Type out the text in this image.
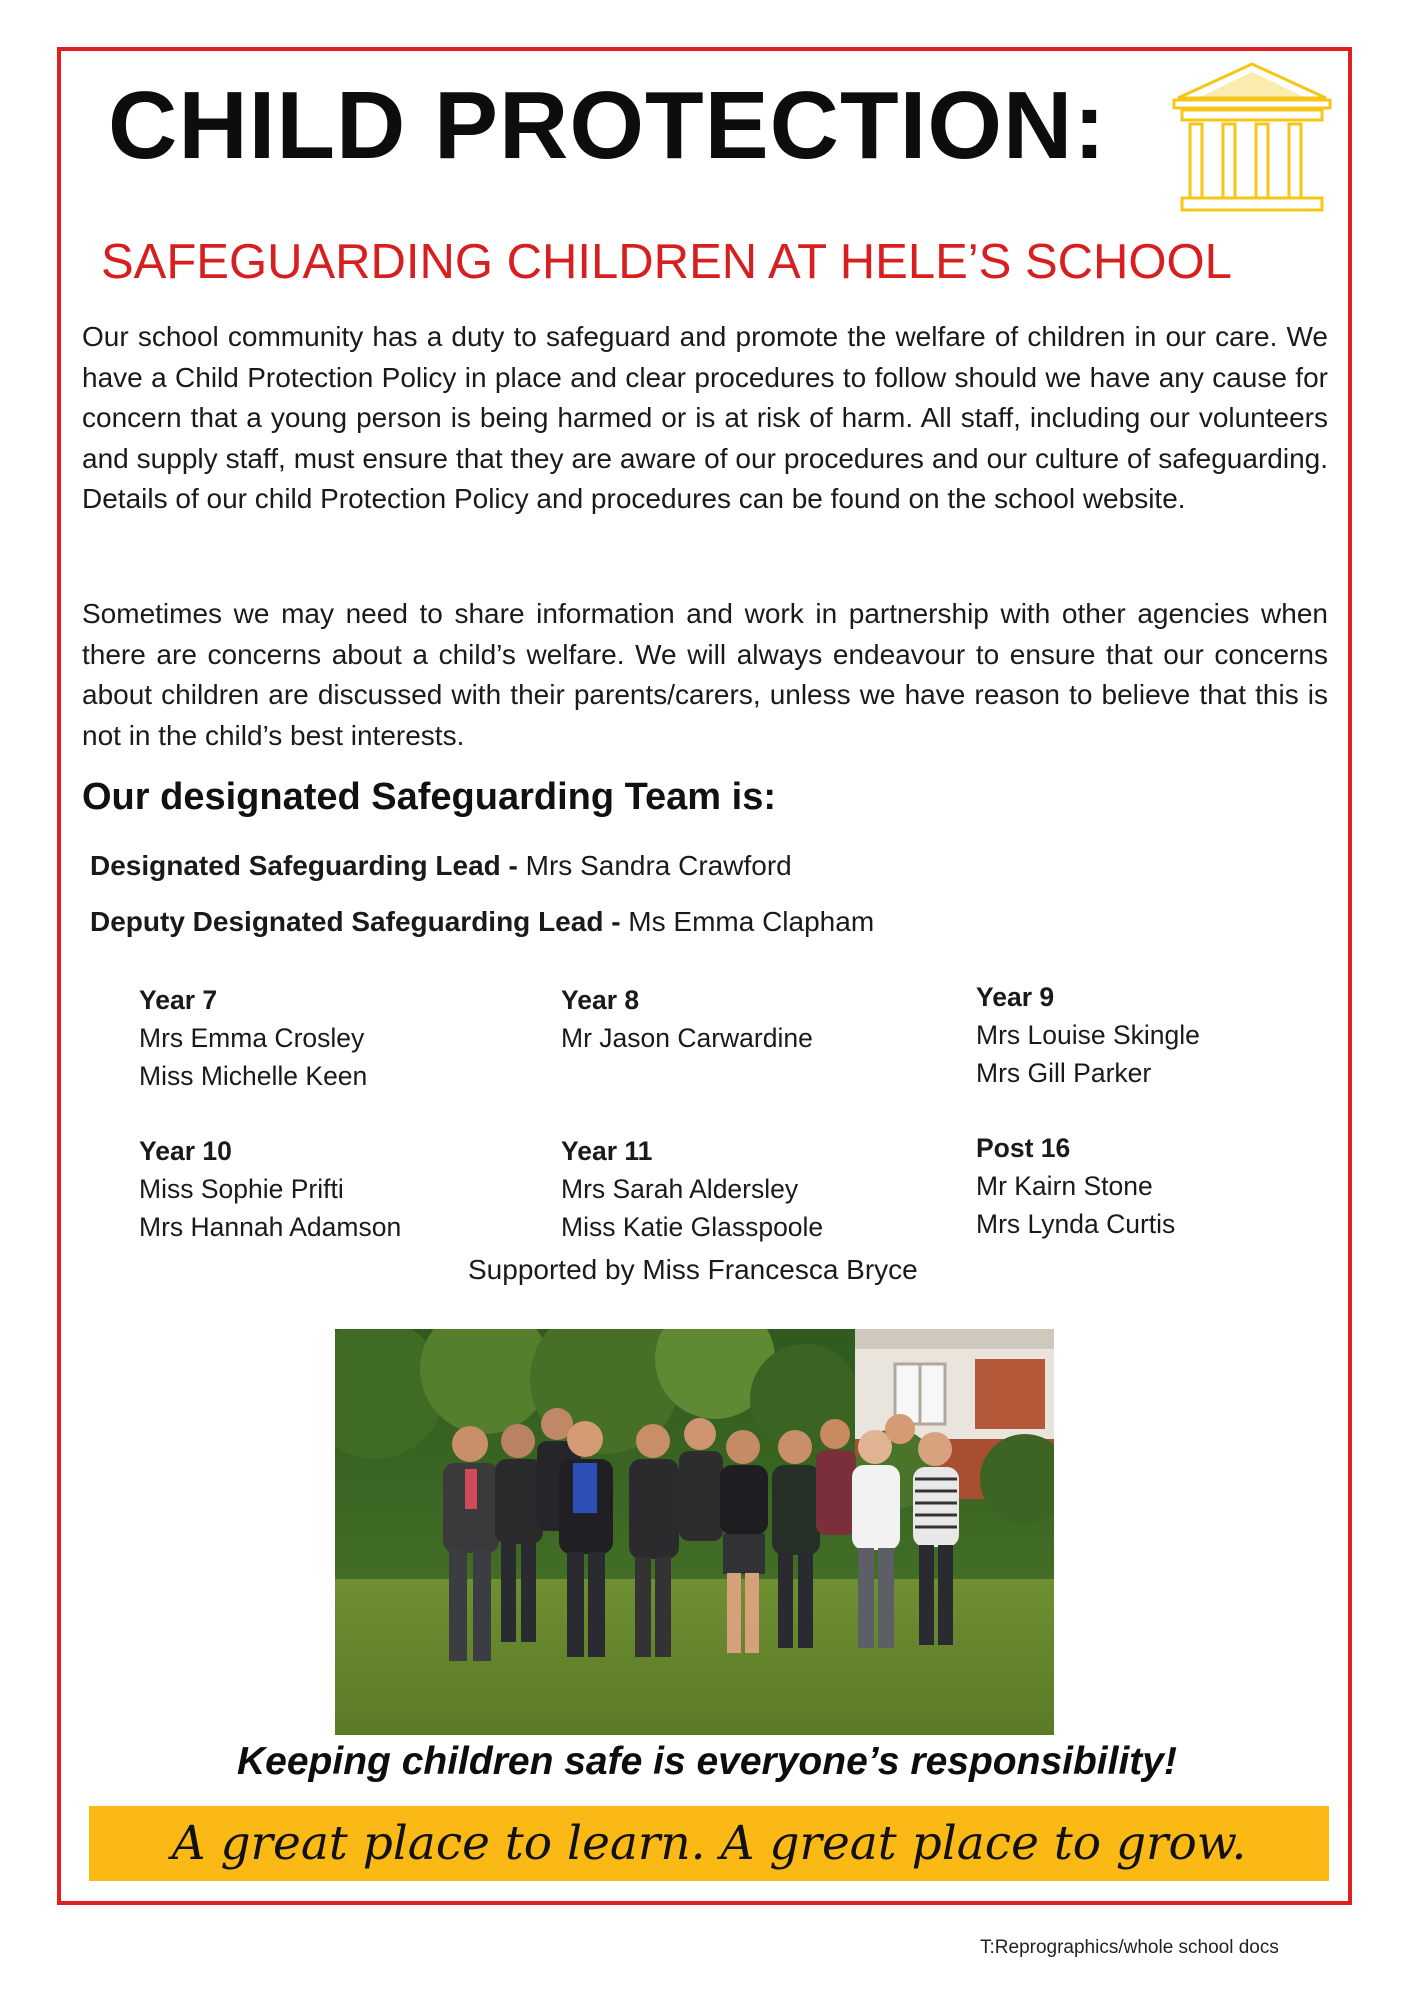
CHILD PROTECTION:
SAFEGUARDING CHILDREN AT HELE’S SCHOOL

Our school community has a duty to safeguard and promote the welfare of children in our care. We have a Child Protection Policy in place and clear procedures to follow should we have any cause for concern that a young person is being harmed or is at risk of harm. All staff, including our volunteers and supply staff, must ensure that they are aware of our procedures and our culture of safeguarding. Details of our child Protection Policy and procedures can be found on the school website.

Sometimes we may need to share information and work in partnership with other agencies when there are concerns about a child’s welfare. We will always endeavour to ensure that our concerns about children are discussed with their parents/carers, unless we have reason to believe that this is not in the child’s best interests.

Our designated Safeguarding Team is:
Designated Safeguarding Lead - Mrs Sandra Crawford
Deputy Designated Safeguarding Lead - Ms Emma Clapham
Year 7
Mrs Emma Crosley
Miss Michelle Keen
Year 8
Mr Jason Carwardine
Year 9
Mrs Louise Skingle
Mrs Gill Parker
Year 10
Miss Sophie Prifti
Mrs Hannah Adamson
Year 11
Mrs Sarah Aldersley
Miss Katie Glasspoole
Post 16
Mr Kairn Stone
Mrs Lynda Curtis
Supported by Miss Francesca Bryce

Keeping children safe is everyone’s responsibility!

A great place to learn. A great place to grow.
T:Reprographics/whole school docs
